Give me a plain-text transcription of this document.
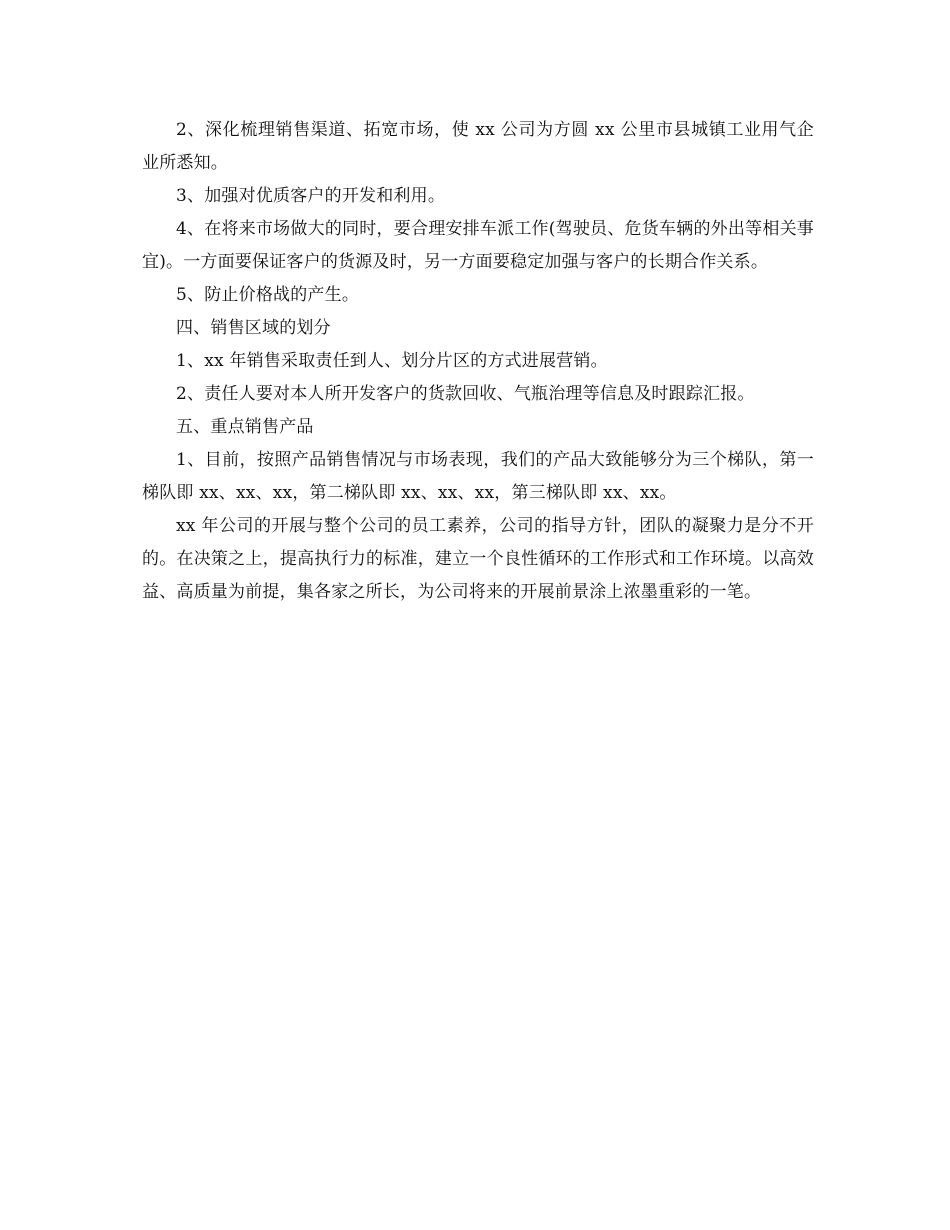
2、深化梳理销售渠道、拓宽市场，使 xx 公司为方圆 xx 公里市县城镇工业用气企业所悉知。

3、加强对优质客户的开发和利用。

4、在将来市场做大的同时，要合理安排车派工作(驾驶员、危货车辆的外出等相关事宜)。一方面要保证客户的货源及时，另一方面要稳定加强与客户的长期合作关系。

5、防止价格战的产生。

四、销售区域的划分

1、xx 年销售采取责任到人、划分片区的方式进展营销。

2、责任人要对本人所开发客户的货款回收、气瓶治理等信息及时跟踪汇报。

五、重点销售产品

1、目前，按照产品销售情况与市场表现，我们的产品大致能够分为三个梯队，第一梯队即 xx、xx、xx，第二梯队即 xx、xx、xx，第三梯队即 xx、xx。

xx 年公司的开展与整个公司的员工素养，公司的指导方针，团队的凝聚力是分不开的。在决策之上，提高执行力的标准，建立一个良性循环的工作形式和工作环境。以高效益、高质量为前提，集各家之所长，为公司将来的开展前景涂上浓墨重彩的一笔。
